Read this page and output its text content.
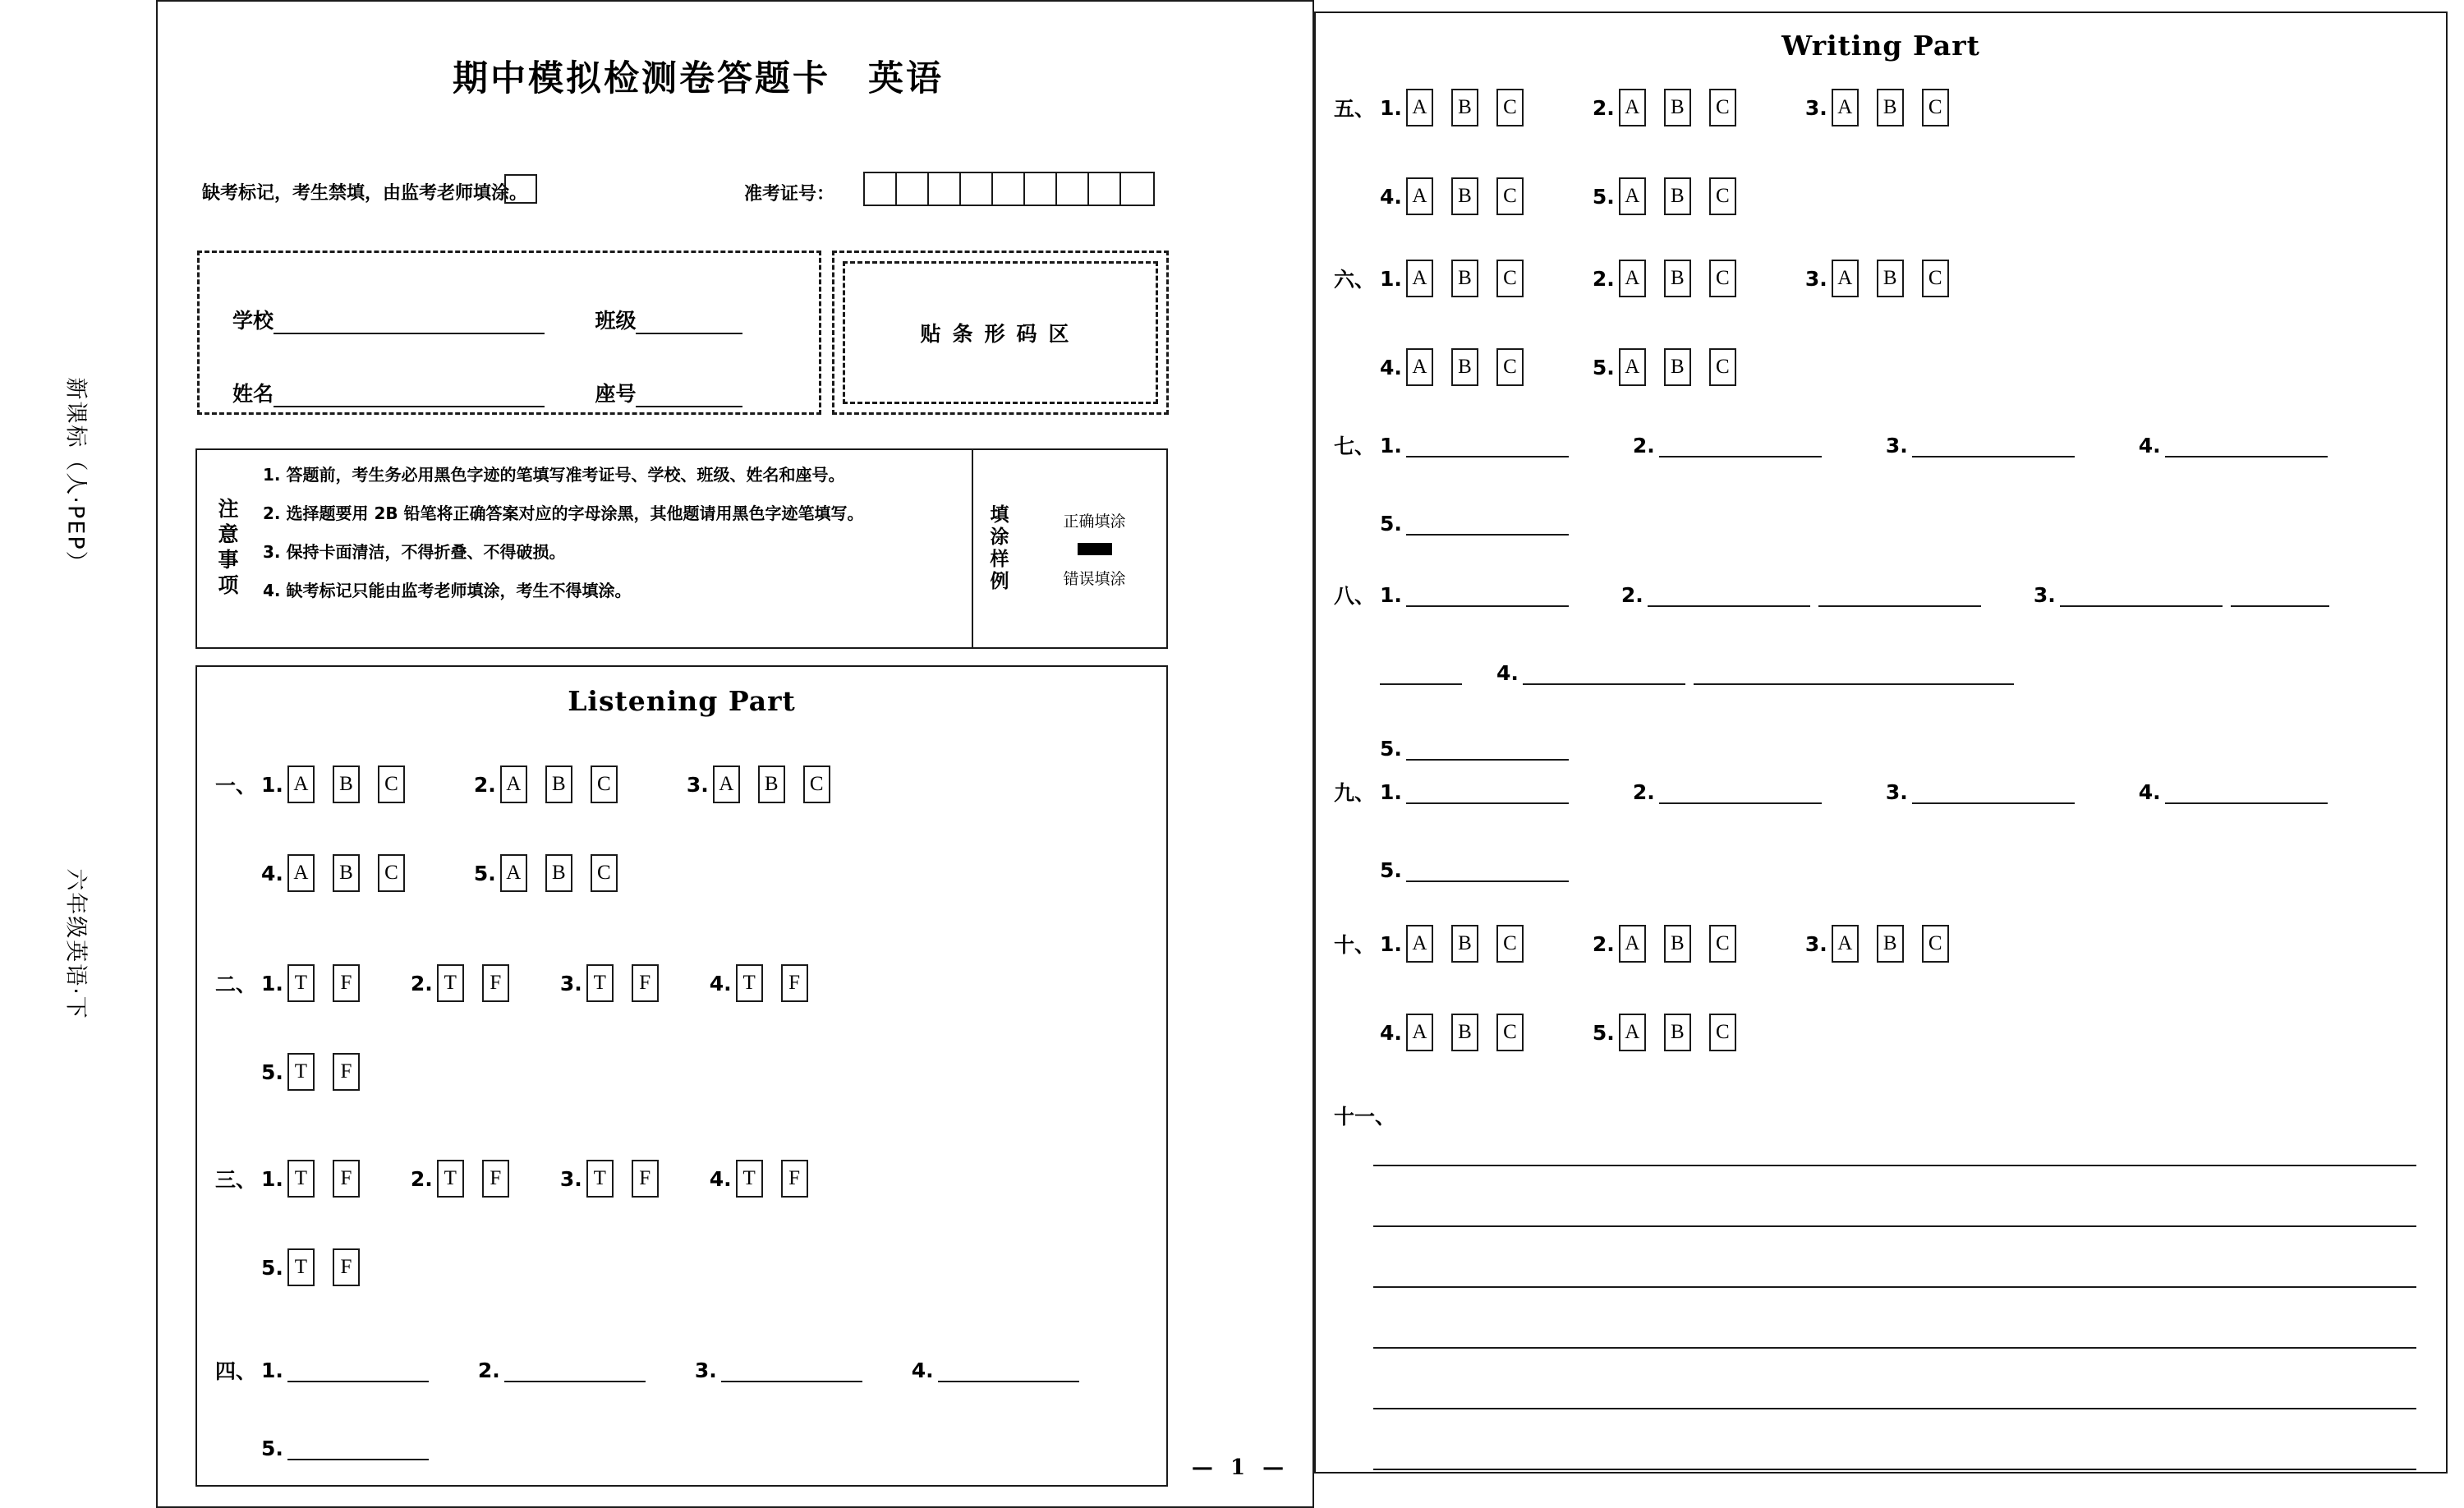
新课标（人·PEP）
六年级英语·下
期中模拟检测卷答题卡　英语
缺考标记，考生禁填，由监考老师填涂。	准考证号：
学校	班级
姓名	座号
贴条形码区
注意事项
1. 答题前，考生务必用黑色字迹的笔填写准考证号、学校、班级、姓名和座号。
2. 选择题要用 2B 铅笔将正确答案对应的字母涂黑，其他题请用黑色字迹笔填写。
3. 保持卡面清洁，不得折叠、不得破损。
4. 缺考标记只能由监考老师填涂，考生不得填涂。	填涂样例	正确填涂
错误填涂
Listening Part
一、 1. A	B	C	2. A	B	C	3. A	B	C
4. A	B	C	5. A	B	C
二、 1. T	F	2. T	F	3. T	F	4. T	F
5. T	F
三、 1. T	F	2. T	F	3. T	F	4. T	F
5. T	F
四、 1.	2.	3.	4.
5.
Writing Part
五、 1. A	B	C	2. A	B	C	3. A	B	C
4. A	B	C	5. A	B	C
六、 1. A	B	C	2. A	B	C	3. A	B	C
4. A	B	C	5. A	B	C
七、 1.	2.	3.	4.
5.
八、 1.	2.	3.
4.
5.
九、 1.	2.	3.	4.
5.
十、 1. A	B	C	2. A	B	C	3. A	B	C
4. A	B	C	5. A	B	C
十一、
— 1 —
